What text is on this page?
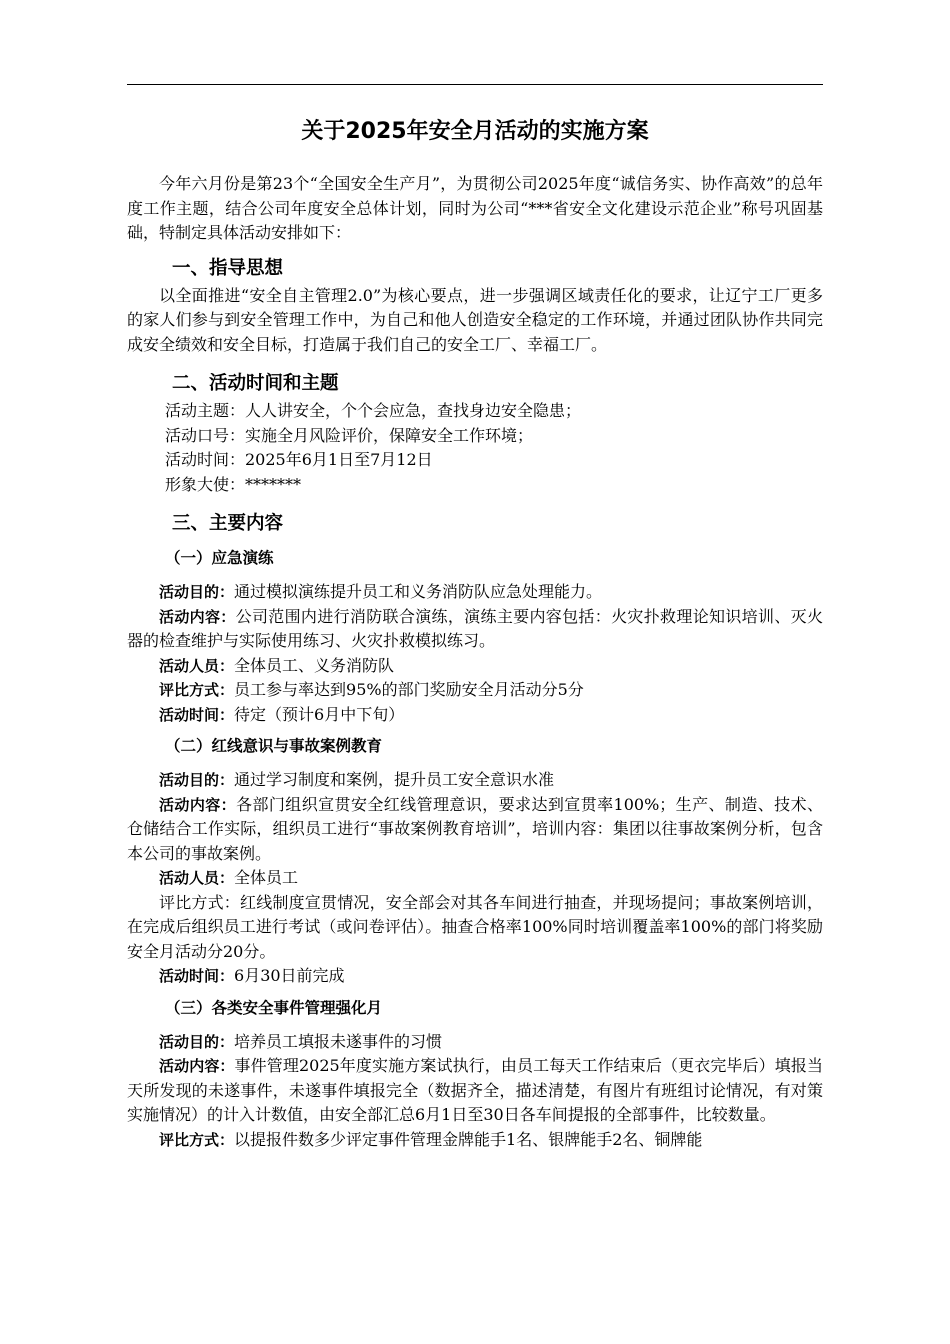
关于2025年安全月活动的实施方案

今年六月份是第23个“全国安全生产月”，为贯彻公司2025年度“诚信务实、协作高效”的总年度工作主题，结合公司年度安全总体计划，同时为公司“***省安全文化建设示范企业”称号巩固基础，特制定具体活动安排如下：

一、指导思想

以全面推进“安全自主管理2.0”为核心要点，进一步强调区域责任化的要求，让辽宁工厂更多的家人们参与到安全管理工作中，为自己和他人创造安全稳定的工作环境，并通过团队协作共同完成安全绩效和安全目标，打造属于我们自己的安全工厂、幸福工厂。

二、活动时间和主题

活动主题：人人讲安全，个个会应急，查找身边安全隐患；

活动口号：实施全月风险评价，保障安全工作环境；

活动时间：2025年6月1日至7月12日

形象大使：*******

三、主要内容
（一）应急演练

活动目的：通过模拟演练提升员工和义务消防队应急处理能力。

活动内容：公司范围内进行消防联合演练，演练主要内容包括：火灾扑救理论知识培训、灭火器的检查维护与实际使用练习、火灾扑救模拟练习。

活动人员：全体员工、义务消防队

评比方式：员工参与率达到95%的部门奖励安全月活动分5分

活动时间：待定（预计6月中下旬）

（二）红线意识与事故案例教育

活动目的：通过学习制度和案例，提升员工安全意识水准

活动内容：各部门组织宣贯安全红线管理意识，要求达到宣贯率100%；生产、制造、技术、仓储结合工作实际，组织员工进行“事故案例教育培训”，培训内容：集团以往事故案例分析，包含本公司的事故案例。

活动人员：全体员工

评比方式：红线制度宣贯情况，安全部会对其各车间进行抽查，并现场提问；事故案例培训，在完成后组织员工进行考试（或问卷评估）。抽查合格率100%同时培训覆盖率100%的部门将奖励安全月活动分20分。

活动时间：6月30日前完成

（三）各类安全事件管理强化月

活动目的：培养员工填报未遂事件的习惯

活动内容：事件管理2025年度实施方案试执行，由员工每天工作结束后（更衣完毕后）填报当天所发现的未遂事件，未遂事件填报完全（数据齐全，描述清楚，有图片有班组讨论情况，有对策实施情况）的计入计数值，由安全部汇总6月1日至30日各车间提报的全部事件，比较数量。

评比方式：以提报件数多少评定事件管理金牌能手1名、银牌能手2名、铜牌能
